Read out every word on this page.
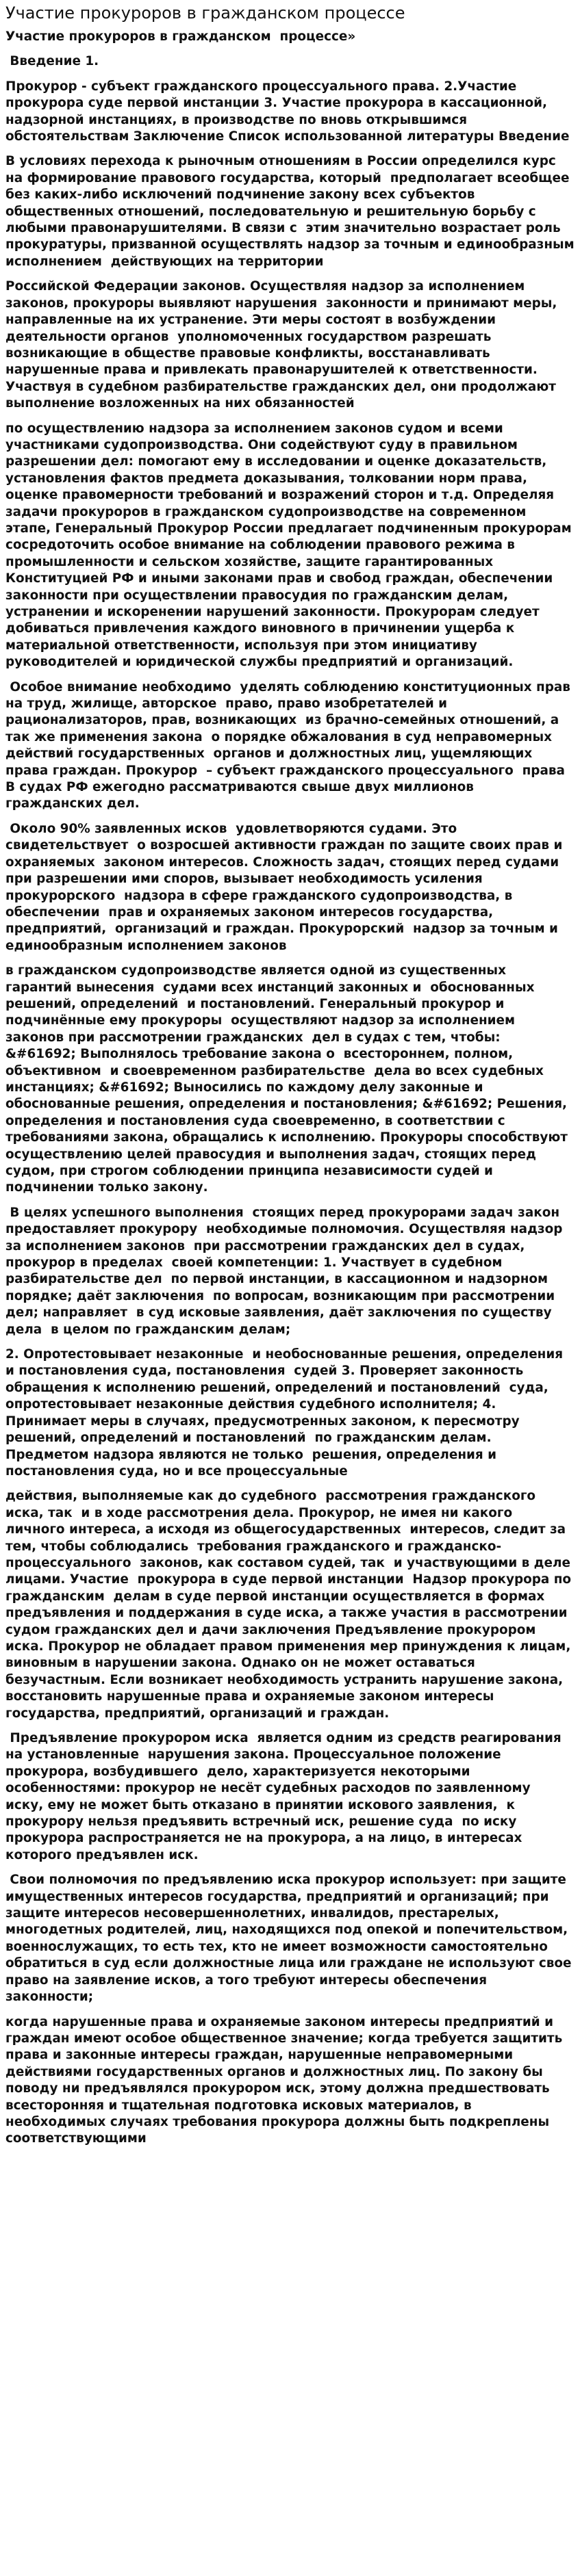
Участие прокуроров в гражданском процессе

Участие прокуроров в гражданском  процессе»

Введение 1.

Прокурор - субъект гражданского процессуального права. 2.Участие прокурора суде первой инстанции 3. Участие прокурора в кассационной, надзорной инстанциях, в производстве по вновь открывшимся обстоятельствам Заключение Список использованной литературы Введение

В условиях перехода к рыночным отношениям в России определился курс на формирование правового государства, который  предполагает всеобщее без каких-либо исключений подчинение закону всех субъектов общественных отношений, последовательную и решительную борьбу с любыми правонарушителями. В связи с  этим значительно возрастает роль прокуратуры, призванной осуществлять надзор за точным и единообразным исполнением  действующих на территории

Российской Федерации законов. Осуществляя надзор за исполнением законов, прокуроры выявляют нарушения  законности и принимают меры, направленные на их устранение. Эти меры состоят в возбуждении деятельности органов  уполномоченных государством разрешать  возникающие в обществе правовые конфликты, восстанавливать нарушенные права и привлекать правонарушителей к ответственности. Участвуя в судебном разбирательстве гражданских дел, они продолжают выполнение возложенных на них обязанностей

по осуществлению надзора за исполнением законов судом и всеми участниками судопроизводства. Они содействуют суду в правильном разрешении дел: помогают ему в исследовании и оценке доказательств, установления фактов предмета доказывания, толковании норм права, оценке правомерности требований и возражений сторон и т.д. Определяя задачи прокуроров в гражданском судопроизводстве на современном этапе, Генеральный Прокурор России предлагает подчиненным прокурорам сосредоточить особое внимание на соблюдении правового режима в промышленности и сельском хозяйстве, защите гарантированных Конституцией РФ и иными законами прав и свобод граждан, обеспечении законности при осуществлении правосудия по гражданским делам, устранении и искоренении нарушений законности. Прокурорам следует добиваться привлечения каждого виновного в причинении ущерба к материальной ответственности, используя при этом инициативу руководителей и юридической службы предприятий и организаций.

Особое внимание необходимо  уделять соблюдению конституционных прав на труд, жилище, авторское  право, право изобретателей и рационализаторов, прав, возникающих  из брачно-семейных отношений, а так же применения закона  о порядке обжалования в суд неправомерных действий государственных  органов и должностных лиц, ущемляющих права граждан. Прокурор  – субъект гражданского процессуального  права В судах РФ ежегодно рассматриваются свыше двух миллионов гражданских дел.

Около 90% заявленных исков  удовлетворяются судами. Это свидетельствует  о возросшей активности граждан по защите своих прав и охраняемых  законом интересов. Сложность задач, стоящих перед судами  при разрешении ими споров, вызывает необходимость усиления прокурорского  надзора в сфере гражданского судопроизводства, в обеспечении  прав и охраняемых законом интересов государства, предприятий,  организаций и граждан. Прокурорский  надзор за точным и единообразным исполнением законов

в гражданском судопроизводстве является одной из существенных гарантий вынесения  судами всех инстанций законных и  обоснованных решений, определений  и постановлений. Генеральный прокурор и подчинённые ему прокуроры  осуществляют надзор за исполнением законов при рассмотрении гражданских  дел в судах с тем, чтобы: &#61692; Выполнялось требование закона о  всестороннем, полном, объективном  и своевременном разбирательстве  дела во всех судебных инстанциях; &#61692; Выносились по каждому делу законные и обоснованные решения, определения и постановления; &#61692; Решения, определения и постановления суда своевременно, в соответствии с требованиями закона, обращались к исполнению. Прокуроры способствуют осуществлению целей правосудия и выполнения задач, стоящих перед судом, при строгом соблюдении принципа независимости судей и подчинении только закону.

В целях успешного выполнения  стоящих перед прокурорами задач закон предоставляет прокурору  необходимые полномочия. Осуществляя надзор за исполнением законов  при рассмотрении гражданских дел в судах, прокурор в пределах  своей компетенции: 1. Участвует в судебном разбирательстве дел  по первой инстанции, в кассационном и надзорном порядке; даёт заключения  по вопросам, возникающим при рассмотрении дел; направляет  в суд исковые заявления, даёт заключения по существу дела  в целом по гражданским делам;

2. Опротестовывает незаконные  и необоснованные решения, определения  и постановления суда, постановления  судей 3. Проверяет законность  обращения к исполнению решений, определений и постановлений  суда, опротестовывает незаконные действия судебного исполнителя; 4. Принимает меры в случаях, предусмотренных законом, к пересмотру  решений, определений и постановлений  по гражданским делам. Предметом надзора являются не только  решения, определения и постановления суда, но и все процессуальные

действия, выполняемые как до судебного  рассмотрения гражданского иска, так  и в ходе рассмотрения дела. Прокурор, не имея ни какого личного интереса, а исходя из общегосударственных  интересов, следит за тем, чтобы соблюдались  требования гражданского и гражданско-процессуального  законов, как составом судей, так  и участвующими в деле лицами. Участие  прокурора в суде первой инстанции  Надзор прокурора по гражданским  делам в суде первой инстанции осуществляется в формах предъявления и поддержания в суде иска, а также участия в рассмотрении судом гражданских дел и дачи заключения Предъявление прокурором иска. Прокурор не обладает правом применения мер принуждения к лицам, виновным в нарушении закона. Однако он не может оставаться безучастным. Если возникает необходимость устранить нарушение закона, восстановить нарушенные права и охраняемые законом интересы государства, предприятий, организаций и граждан.

Предъявление прокурором иска  является одним из средств реагирования на установленные  нарушения закона. Процессуальное положение прокурора, возбудившего  дело, характеризуется некоторыми  особенностями: прокурор не несёт судебных расходов по заявленному  иску, ему не может быть отказано в принятии искового заявления,  к прокурору нельзя предъявить встречный иск, решение суда  по иску прокурора распространяется не на прокурора, а на лицо, в интересах которого предъявлен иск.

Свои полномочия по предъявлению иска прокурор использует: при защите имущественных интересов государства, предприятий и организаций; при защите интересов несовершеннолетних, инвалидов, престарелых, многодетных родителей, лиц, находящихся под опекой и попечительством, военнослужащих, то есть тех, кто не имеет возможности самостоятельно обратиться в суд если должностные лица или граждане не используют свое право на заявление исков, а того требуют интересы обеспечения законности;

когда нарушенные права и охраняемые законом интересы предприятий и  граждан имеют особое общественное значение; когда требуется защитить права и законные интересы граждан, нарушенные неправомерными действиями государственных органов и должностных лиц. По закону бы поводу ни предъявлялся прокурором иск, этому должна предшествовать всесторонняя и тщательная подготовка исковых материалов, в необходимых случаях требования прокурора должны быть подкреплены соответствующими
